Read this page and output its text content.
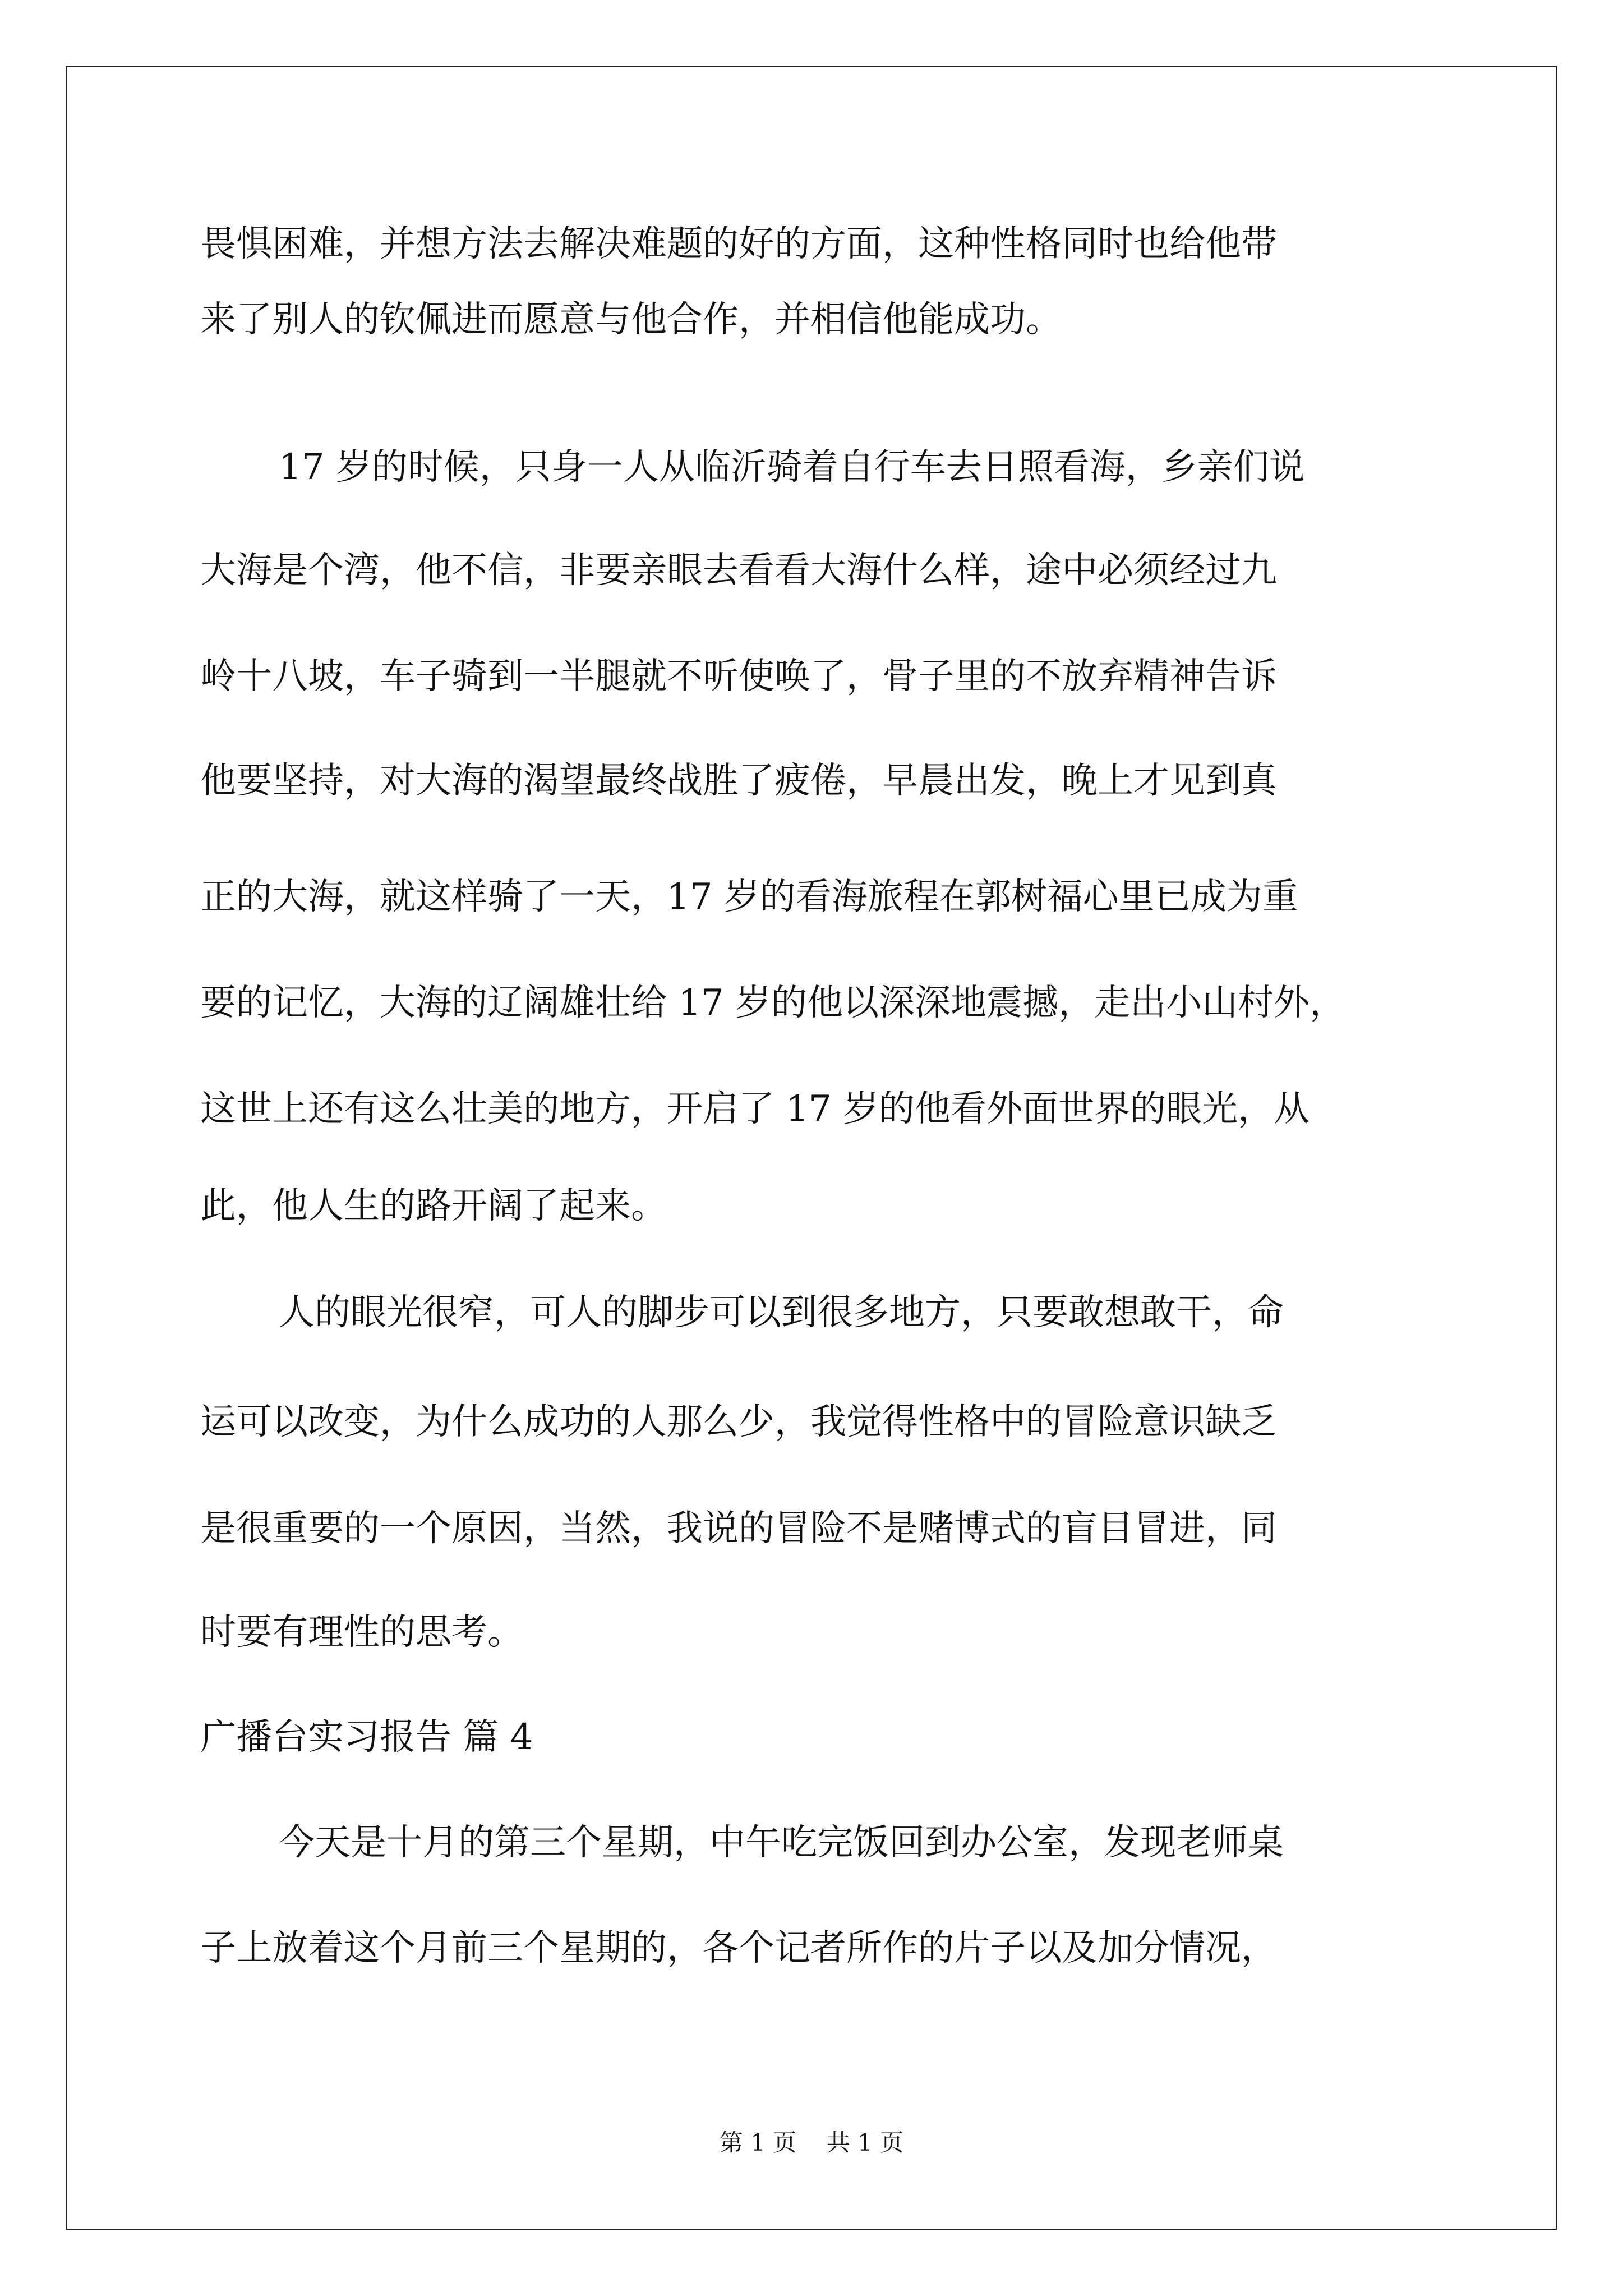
畏惧困难，并想方法去解决难题的好的方面，这种性格同时也给他带
来了别人的钦佩进而愿意与他合作，并相信他能成功。
17 岁的时候，只身一人从临沂骑着自行车去日照看海，乡亲们说
大海是个湾，他不信，非要亲眼去看看大海什么样，途中必须经过九
岭十八坡，车子骑到一半腿就不听使唤了，骨子里的不放弃精神告诉
他要坚持，对大海的渴望最终战胜了疲倦，早晨出发，晚上才见到真
正的大海，就这样骑了一天，17 岁的看海旅程在郭树福心里已成为重
要的记忆，大海的辽阔雄壮给 17 岁的他以深深地震撼，走出小山村外，
这世上还有这么壮美的地方，开启了 17 岁的他看外面世界的眼光，从
此，他人生的路开阔了起来。
人的眼光很窄，可人的脚步可以到很多地方，只要敢想敢干，命
运可以改变，为什么成功的人那么少，我觉得性格中的冒险意识缺乏
是很重要的一个原因，当然，我说的冒险不是赌博式的盲目冒进，同
时要有理性的思考。
广播台实习报告 篇 4
今天是十月的第三个星期，中午吃完饭回到办公室，发现老师桌
子上放着这个月前三个星期的，各个记者所作的片子以及加分情况，
第 1 页    共 1 页
